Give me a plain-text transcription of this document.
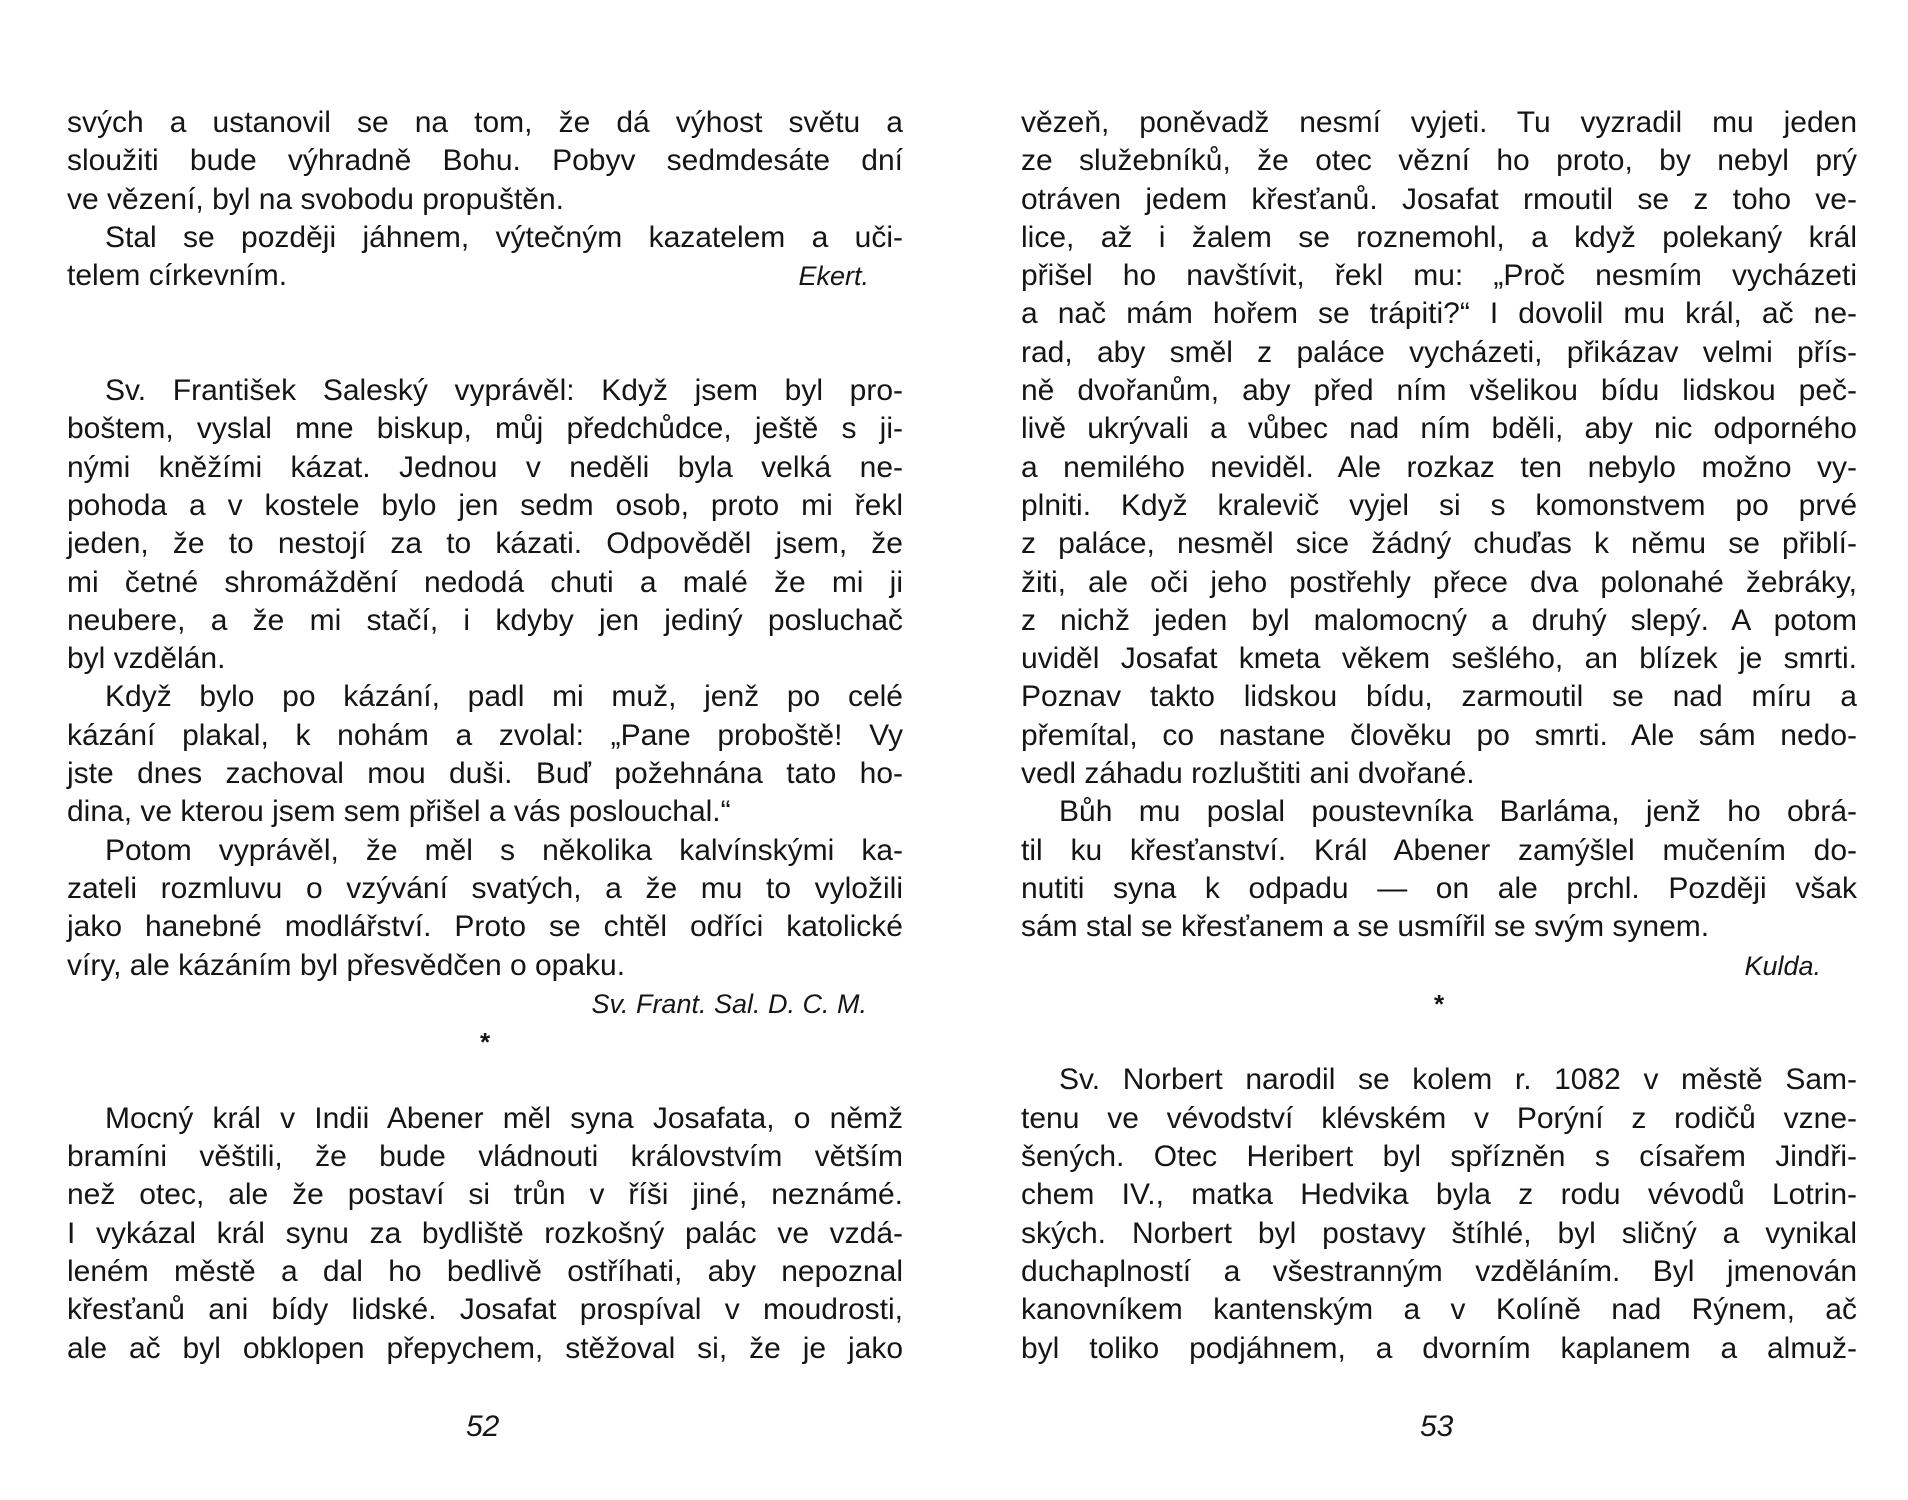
svých a ustanovil se na tom, že dá výhost světu a
sloužiti bude výhradně Bohu. Pobyv sedmdesáte dní
ve vězení, byl na svobodu propuštěn.
Stal se později jáhnem, výtečným kazatelem a uči-
telem církevním.	Ekert.
Sv. František Saleský vyprávěl: Když jsem byl pro-
boštem, vyslal mne biskup, můj předchůdce, ještě s ji-
nými kněžími kázat. Jednou v neděli byla velká ne-
pohoda a v kostele bylo jen sedm osob, proto mi řekl
jeden, že to nestojí za to kázati. Odpověděl jsem, že
mi četné shromáždění nedodá chuti a malé že mi ji
neubere, a že mi stačí, i kdyby jen jediný posluchač
byl vzdělán.
Když bylo po kázání, padl mi muž, jenž po celé
kázání plakal, k nohám a zvolal: „Pane proboště! Vy
jste dnes zachoval mou duši. Buď požehnána tato ho-
dina, ve kterou jsem sem přišel a vás poslouchal.“
Potom vyprávěl, že měl s několika kalvínskými ka-
zateli rozmluvu o vzývání svatých, a že mu to vyložili
jako hanebné modlářství. Proto se chtěl odříci katolické
víry, ale kázáním byl přesvědčen o opaku.
Sv. Frant. Sal. D. C. M.
*
Mocný král v Indii Abener měl syna Josafata, o němž
bramíni věštili, že bude vládnouti královstvím větším
než otec, ale že postaví si trůn v říši jiné, neznámé.
I vykázal král synu za bydliště rozkošný palác ve vzdá-
leném městě a dal ho bedlivě ostříhati, aby nepoznal
křesťanů ani bídy lidské. Josafat prospíval v moudrosti,
ale ač byl obklopen přepychem, stěžoval si, že je jako
vězeň, poněvadž nesmí vyjeti. Tu vyzradil mu jeden
ze služebníků, že otec vězní ho proto, by nebyl prý
otráven jedem křesťanů. Josafat rmoutil se z toho ve-
lice, až i žalem se roznemohl, a když polekaný král
přišel ho navštívit, řekl mu: „Proč nesmím vycházeti
a nač mám hořem se trápiti?“ I dovolil mu král, ač ne-
rad, aby směl z paláce vycházeti, přikázav velmi přís-
ně dvořanům, aby před ním všelikou bídu lidskou peč-
livě ukrývali a vůbec nad ním bděli, aby nic odporného
a nemilého neviděl. Ale rozkaz ten nebylo možno vy-
plniti. Když kralevič vyjel si s komonstvem po prvé
z paláce, nesměl sice žádný chuďas k němu se přiblí-
žiti, ale oči jeho postřehly přece dva polonahé žebráky,
z nichž jeden byl malomocný a druhý slepý. A potom
uviděl Josafat kmeta věkem sešlého, an blízek je smrti.
Poznav takto lidskou bídu, zarmoutil se nad míru a
přemítal, co nastane člověku po smrti. Ale sám nedo-
vedl záhadu rozluštiti ani dvořané.
Bůh mu poslal poustevníka Barláma, jenž ho obrá-
til ku křesťanství. Král Abener zamýšlel mučením do-
nutiti syna k odpadu — on ale prchl. Později však
sám stal se křesťanem a se usmířil se svým synem.
Kulda.
*
Sv. Norbert narodil se kolem r. 1082 v městě Sam-
tenu ve vévodství klévském v Porýní z rodičů vzne-
šených. Otec Heribert byl spřízněn s císařem Jindři-
chem IV., matka Hedvika byla z rodu vévodů Lotrin-
ských. Norbert byl postavy štíhlé, byl sličný a vynikal
duchaplností a všestranným vzděláním. Byl jmenován
kanovníkem kantenským a v Kolíně nad Rýnem, ač
byl toliko podjáhnem, a dvorním kaplanem a almuž-
52	53
